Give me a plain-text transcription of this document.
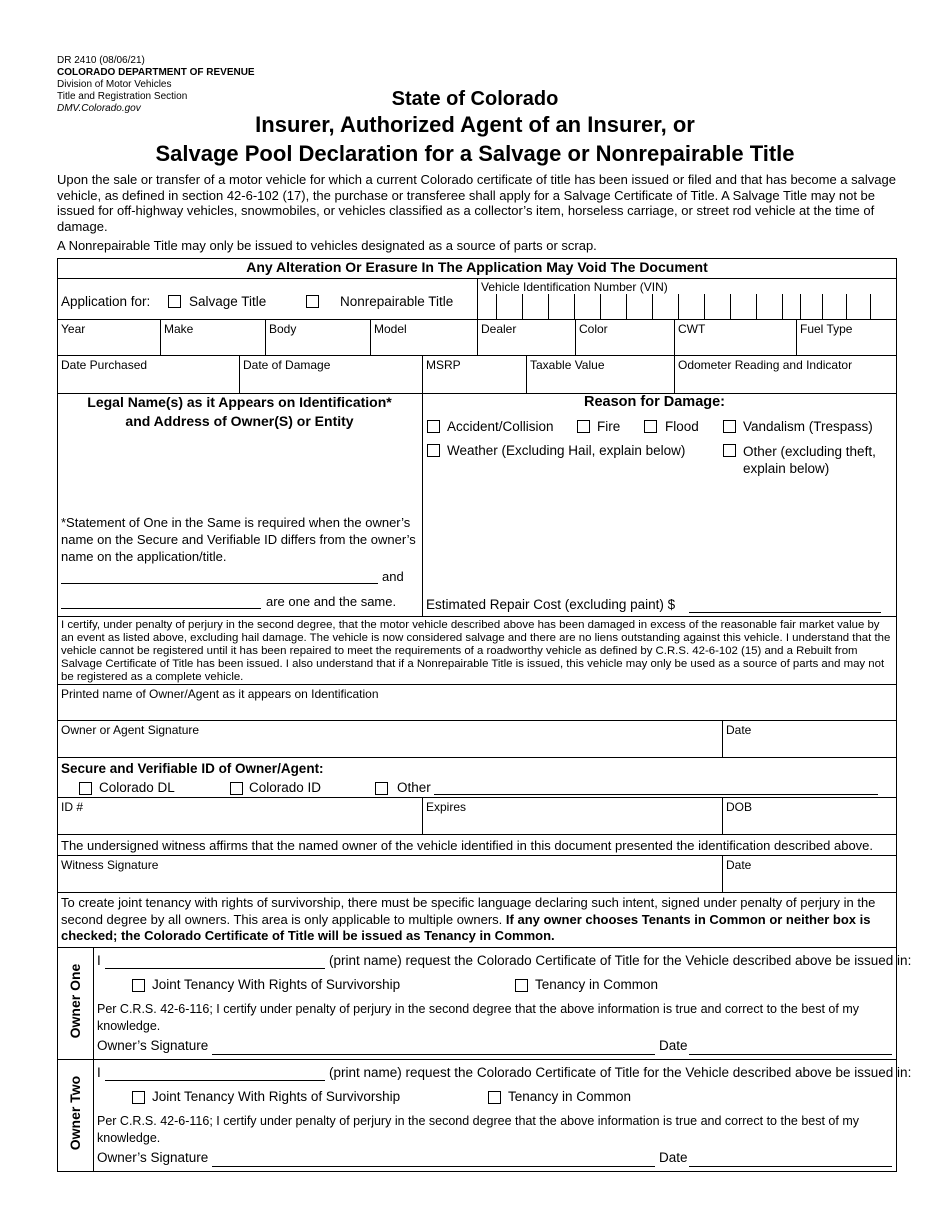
DR 2410 (08/06/21)
COLORADO DEPARTMENT OF REVENUE
Division of Motor Vehicles
Title and Registration Section
DMV.Colorado.gov	State of Colorado
Insurer, Authorized Agent of an Insurer, or
Salvage Pool Declaration for a Salvage or Nonrepairable Title
Upon the sale or transfer of a motor vehicle for which a current Colorado certificate of title has been issued or filed and that has become a salvage vehicle, as defined in section 42-6-102 (17), the purchase or transferee shall apply for a Salvage Certificate of Title. A Salvage Title may not be issued for off-highway vehicles, snowmobiles, or vehicles classified as a collector’s item, horseless carriage, or street rod vehicle at the time of damage.
A Nonrepairable Title may only be issued to vehicles designated as a source of parts or scrap.
Any Alteration Or Erasure In The Application May Void The Document
Application for:	Salvage Title	Nonrepairable Title
Vehicle Identification Number (VIN)
Year	Make	Body	Model	Dealer	Color	CWT	Fuel Type
Date Purchased	Date of Damage	MSRP	Taxable Value	Odometer Reading and Indicator
Legal Name(s) as it Appears on Identification*
and Address of Owner(S) or Entity
*Statement of One in the Same is required when the owner’s name on the Secure and Verifiable ID differs from the owner’s name on the application/title.
and
are one and the same.
Reason for Damage:
Accident/Collision	Fire	Flood	Vandalism (Trespass)
Weather (Excluding Hail, explain below)	Other (excluding theft,
explain below)
Estimated Repair Cost (excluding paint) $
I certify, under penalty of perjury in the second degree, that the motor vehicle described above has been damaged in excess of the reasonable fair market value by an event as listed above, excluding hail damage. The vehicle is now considered salvage and there are no liens outstanding against this vehicle. I understand that the vehicle cannot be registered until it has been repaired to meet the requirements of a roadworthy vehicle as defined by C.R.S. 42-6-102 (15) and a Rebuilt from Salvage Certificate of Title has been issued. I also understand that if a Nonrepairable Title is issued, this vehicle may only be used as a source of parts and may not be registered as a complete vehicle.
Printed name of Owner/Agent as it appears on Identification
Owner or Agent Signature	Date
Secure and Verifiable ID of Owner/Agent:
Colorado DL	Colorado ID	Other
ID #	Expires	DOB
The undersigned witness affirms that the named owner of the vehicle identified in this document presented the identification described above.
Witness Signature	Date
To create joint tenancy with rights of survivorship, there must be specific language declaring such intent, signed under penalty of perjury in the second degree by all owners. This area is only applicable to multiple owners. If any owner chooses Tenants in Common or neither box is checked; the Colorado Certificate of Title will be issued as Tenancy in Common.
Owner One
I	(print name) request the Colorado Certificate of Title for the Vehicle described above be issued in:
Joint Tenancy With Rights of Survivorship	Tenancy in Common
Per C.R.S. 42-6-116; I certify under penalty of perjury in the second degree that the above information is true and correct to the best of my knowledge.
Owner’s Signature	Date
Owner Two
I	(print name) request the Colorado Certificate of Title for the Vehicle described above be issued in:
Joint Tenancy With Rights of Survivorship	Tenancy in Common
Per C.R.S. 42-6-116; I certify under penalty of perjury in the second degree that the above information is true and correct to the best of my knowledge.
Owner’s Signature	Date
